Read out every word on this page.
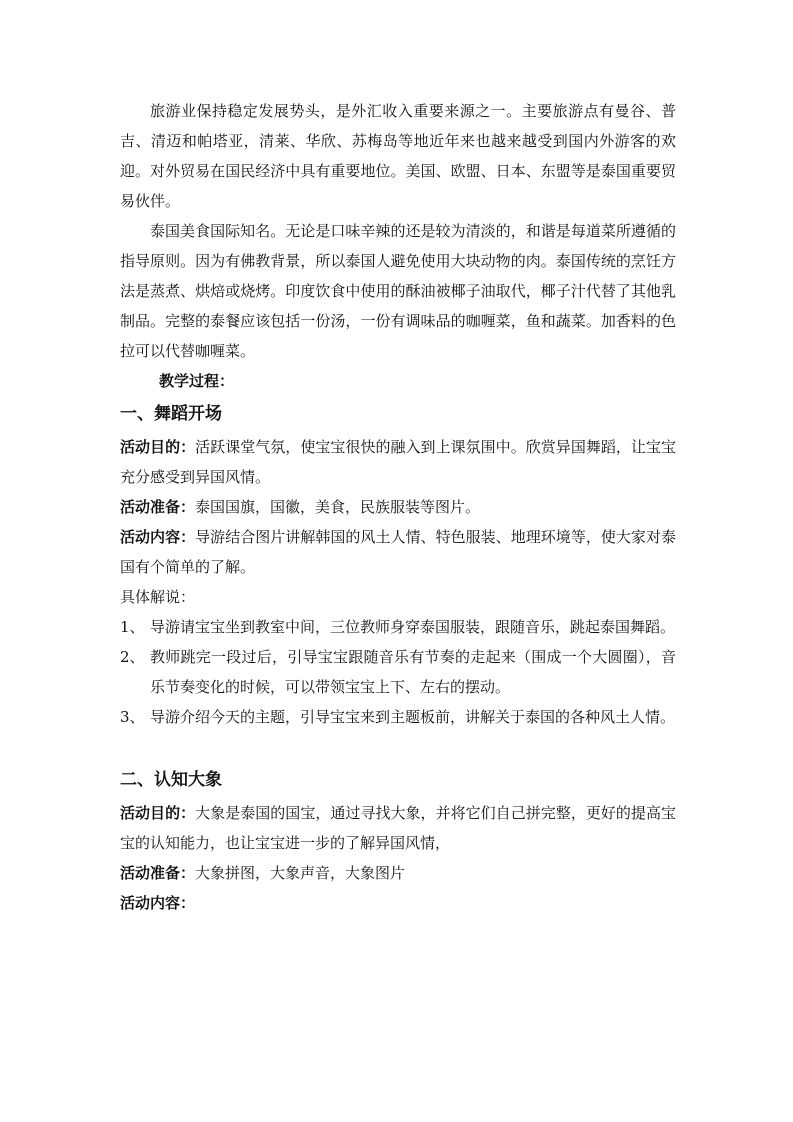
旅游业保持稳定发展势头，是外汇收入重要来源之一。主要旅游点有曼谷、普吉、清迈和帕塔亚，清莱、华欣、苏梅岛等地近年来也越来越受到国内外游客的欢迎。对外贸易在国民经济中具有重要地位。美国、欧盟、日本、东盟等是泰国重要贸易伙伴。

泰国美食国际知名。无论是口味辛辣的还是较为清淡的，和谐是每道菜所遵循的指导原则。因为有佛教背景，所以泰国人避免使用大块动物的肉。泰国传统的烹饪方法是蒸煮、烘焙或烧烤。印度饮食中使用的酥油被椰子油取代，椰子汁代替了其他乳制品。完整的泰餐应该包括一份汤，一份有调味品的咖喱菜，鱼和蔬菜。加香料的色拉可以代替咖喱菜。

教学过程：

一、舞蹈开场

活动目的：活跃课堂气氛，使宝宝很快的融入到上课氛围中。欣赏异国舞蹈，让宝宝充分感受到异国风情。

活动准备：泰国国旗，国徽，美食，民族服装等图片。

活动内容：导游结合图片讲解韩国的风土人情、特色服装、地理环境等，使大家对泰国有个简单的了解。

具体解说：

1、 导游请宝宝坐到教室中间，三位教师身穿泰国服装，跟随音乐，跳起泰国舞蹈。
2、 教师跳完一段过后，引导宝宝跟随音乐有节奏的走起来（围成一个大圆圈），音乐节奏变化的时候，可以带领宝宝上下、左右的摆动。
3、 导游介绍今天的主题，引导宝宝来到主题板前，讲解关于泰国的各种风土人情。
二、认知大象

活动目的：大象是泰国的国宝，通过寻找大象，并将它们自己拼完整，更好的提高宝宝的认知能力，也让宝宝进一步的了解异国风情，

活动准备：大象拼图，大象声音，大象图片

活动内容：
